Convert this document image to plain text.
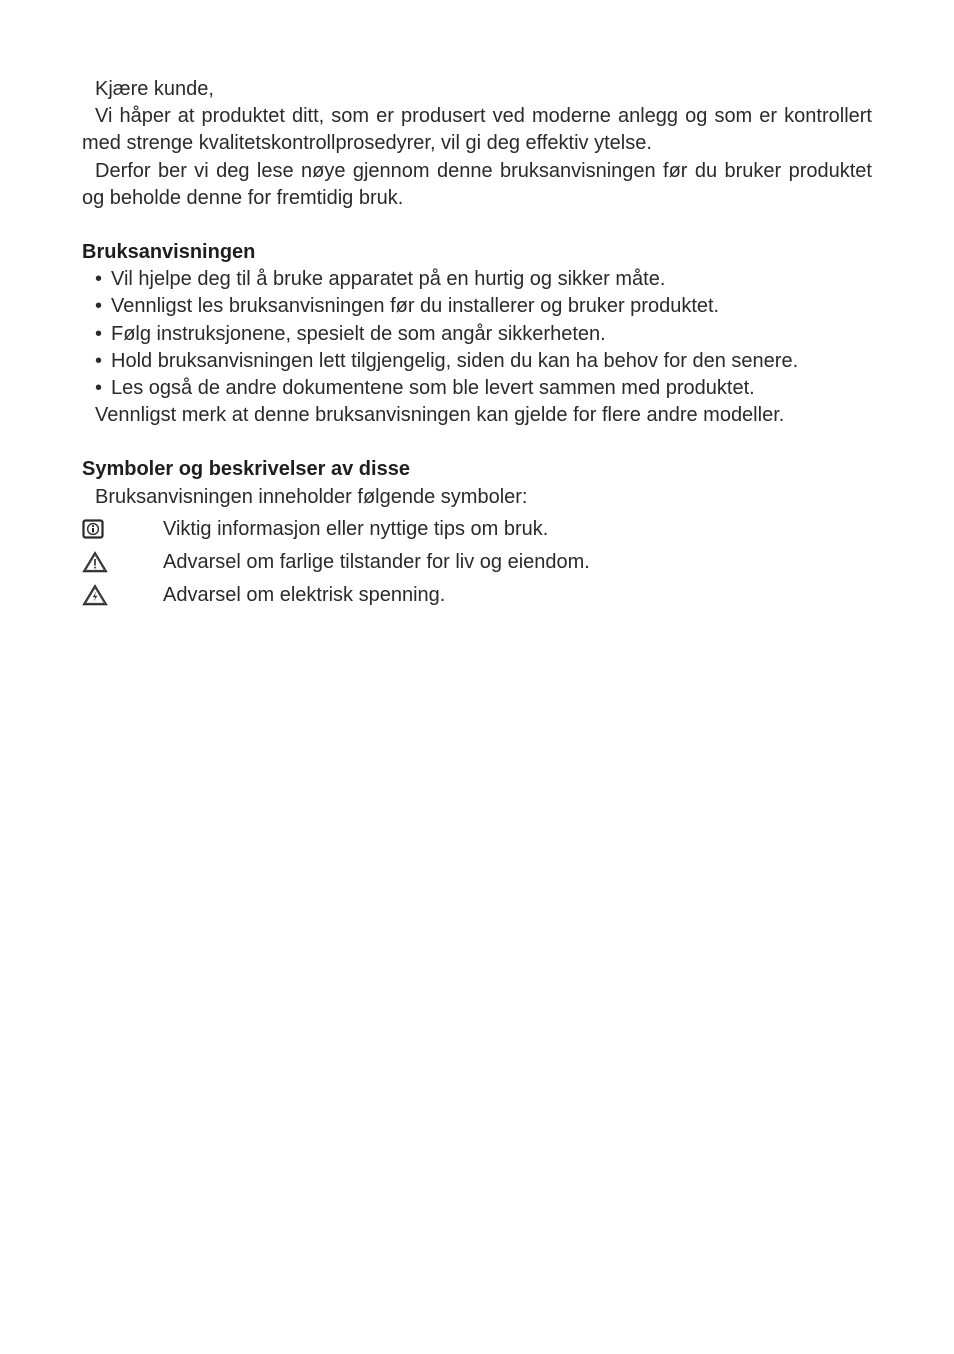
Kjære kunde,

Vi håper at produktet ditt, som er produsert ved moderne anlegg og som er kontrollert med strenge kvalitetskontrollprosedyrer, vil gi deg effektiv ytelse.

Derfor ber vi deg lese nøye gjennom denne bruksanvisningen før du bruker produktet og beholde denne for fremtidig bruk.

Bruksanvisningen

• Vil hjelpe deg til å bruke apparatet på en hurtig og sikker måte.
• Vennligst les bruksanvisningen før du installerer og bruker produktet.
• Følg instruksjonene, spesielt de som angår sikkerheten.
• Hold bruksanvisningen lett tilgjengelig, siden du kan ha behov for den senere.
• Les også de andre dokumentene som ble levert sammen med produktet.

Vennligst merk at denne bruksanvisningen kan gjelde for flere andre modeller.

Symboler og beskrivelser av disse

Bruksanvisningen inneholder følgende symboler:

Viktig informasjon eller nyttige tips om bruk.
Advarsel om farlige tilstander for liv og eiendom.
Advarsel om elektrisk spenning.
